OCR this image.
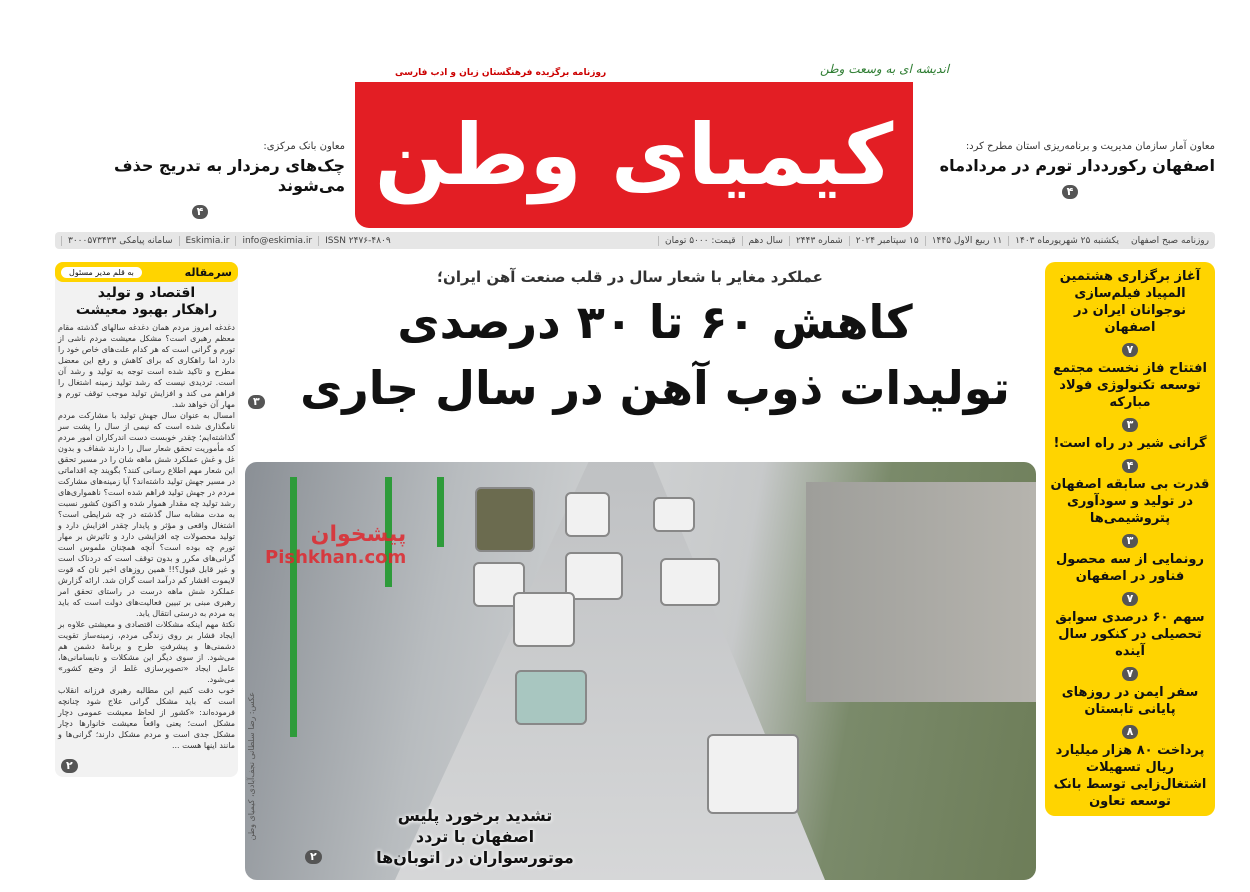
اندیشه ای به وسعت وطن
روزنامه برگزیده فرهنگستان زبان و ادب فارسی
کیمیای وطن
معاون بانک مرکزی:
چک‌های رمزدار به تدریج حذف می‌شوند
۴
معاون آمار سازمان مدیریت و برنامه‌ریزی استان مطرح کرد:
اصفهان رکورددار تورم در مردادماه
۴
روزنامه صبح اصفهان
یکشنبه ۲۵ شهریورماه ۱۴۰۳
۱۱ ربیع الاول ۱۴۴۵
۱۵ سپتامبر ۲۰۲۴
شماره ۲۴۴۳
سال دهم
قیمت: ۵۰۰۰ تومان
ISSN ۲۴۷۶-۴۸۰۹
info@eskimia.ir
Eskimia.ir
سامانه پیامکی ۳۰۰۰۵۷۳۴۳۳
سرمقاله
به قلم مدیر مسئول
اقتصاد و تولید
راهکار بهبود معیشت

دغدغه امروز مردم همان دغدغه سالهای گذشته مقام معظم رهبری است؟ مشکل معیشت مردم ناشی از تورم و گرانی است که هر کدام علت‌های خاص خود را دارد اما راهکاری که برای کاهش و رفع این معضل مطرح و تاکید شده است توجه به تولید و رشد آن است. تردیدی نیست که رشد تولید زمینه اشتغال را فراهم می کند و افزایش تولید موجب توقف تورم و مهار آن خواهد شد.

امسال به عنوان سال جهش تولید با مشارکت مردم نامگذاری شده است که نیمی از سال را پشت سر گذاشته‌ایم؛ چقدر خوبست دست اندرکاران امور مردم که مأموریت تحقق شعار سال را دارند شفاف و بدون غل و غش عملکرد شش ماهه شان را در مسیر تحقق این شعار مهم اطلاع رسانی کنند؟ بگویند چه اقداماتی در مسیر جهش تولید داشته‌اند؟ آیا زمینه‌های مشارکت مردم در جهش تولید فراهم شده است؟ ناهمواری‌های رشد تولید چه مقدار هموار شده و اکنون کشور نسبت به مدت مشابه سال گذشته در چه شرایطی است؟ اشتغال واقعی و مؤثر و پایدار چقدر افزایش دارد و تولید محصولات چه افزایشی دارد و تاثیرش بر مهار تورم چه بوده است؟ آنچه همچنان ملموس است گرانی‌های مکرر و بدون توقف است که دردناک است و غیر قابل قبول؟!! همین روزهای اخیر نان که قوت لایموت اقشار کم درآمد است گران شد. ارائه گزارش عملکرد شش ماهه درست در راستای تحقق امر رهبری مبنی بر تبیین فعالیت‌های دولت است که باید به مردم به درستی انتقال یابد.

نکتهٔ مهم اینکه مشکلات اقتصادی و معیشتی علاوه بر ایجاد فشار بر روی زندگی مردم، زمینه‌ساز تقویت دشمنی‌ها و پیشرفتِ طرح و برنامهٔ دشمن هم می‌شود. از سوی دیگر این مشکلات و نابسامانی‌ها، عامل ایجاد «تصویرسازی غلط از وضع کشور» می‌شود.

خوب دقت کنیم این مطالبه رهبری فرزانه انقلاب است که باید مشکل گرانی علاج شود چنانچه فرموده‌اند: «کشور از لحاظ معیشت عمومی دچار مشکل است؛ یعنی واقعاً معیشت خانوارها دچار مشکل جدی است و مردم مشکل دارند؛ گرانی‌ها و مانند اینها هست ...

۲
عملکرد مغایر با شعار سال در قلب صنعت آهن ایران؛
کاهش ۶۰ تا ۳۰ درصدی
تولیدات ذوب آهن در سال جاری
۳
عکس: رضا سلطانی نجف‌آبادی، کیمیای وطن
پیشخوان
Pishkhan.com
تشدید برخورد پلیس
اصفهان با تردد
موتورسواران در اتوبان‌ها
۲
آغاز برگزاری هشتمین المپیاد فیلم‌سازی نوجوانان ایران در اصفهان
۷
افتتاح فاز نخست مجتمع توسعه تکنولوژی فولاد مبارکه
۳
گرانی شیر در راه است!
۴
قدرت بی سابقه اصفهان در تولید و سودآوری پتروشیمی‌ها
۳
رونمایی از سه محصول فناور در اصفهان
۷
سهم ۶۰ درصدی سوابق تحصیلی در کنکور سال آینده
۷
سفر ایمن در روزهای پایانی تابستان
۸
پرداخت ۸۰ هزار میلیارد ریال تسهیلات اشتغال‌زایی توسط بانک توسعه تعاون
